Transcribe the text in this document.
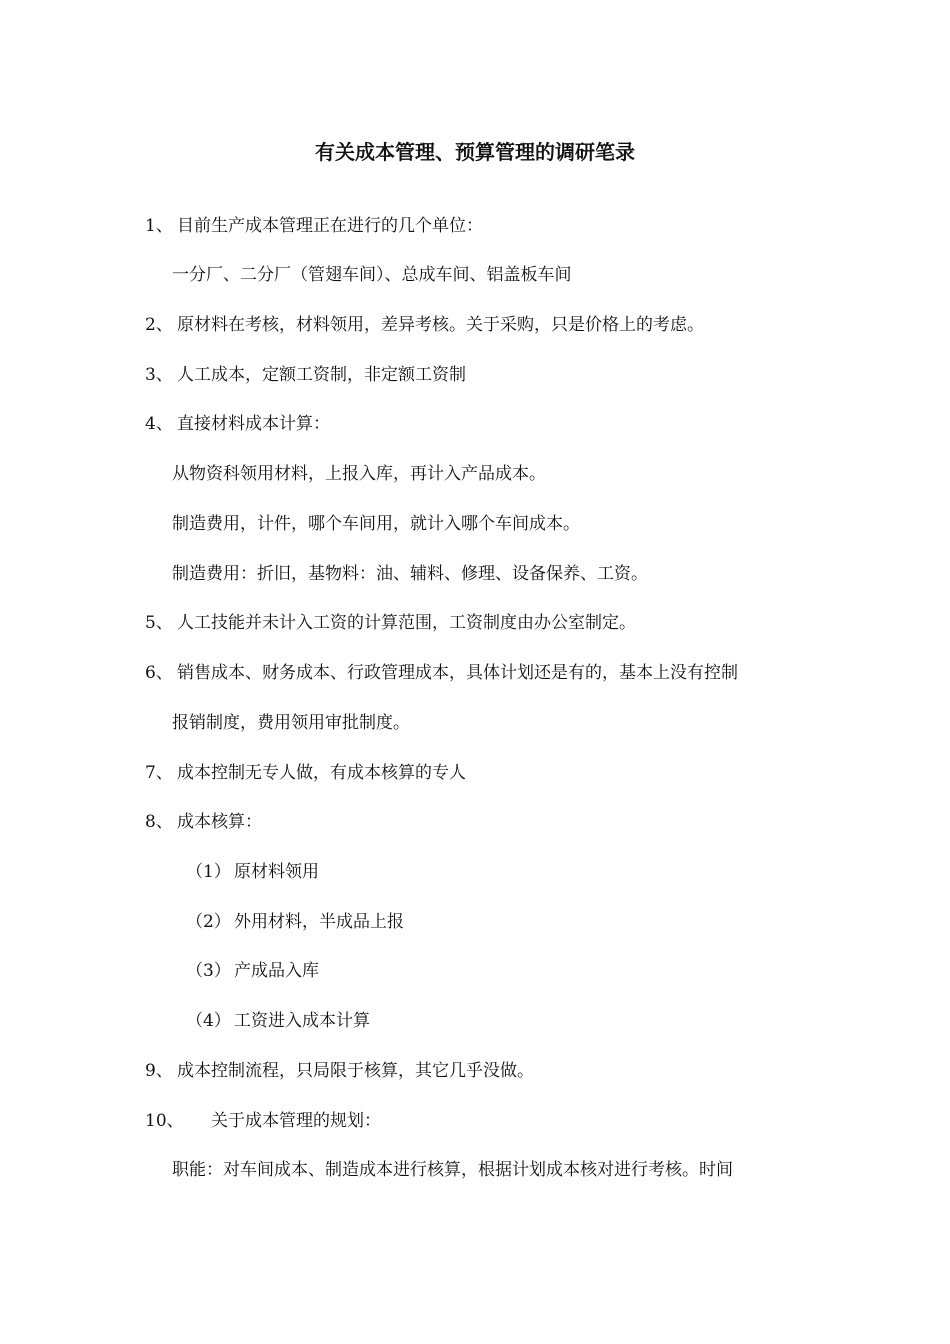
有关成本管理、预算管理的调研笔录
1、 目前生产成本管理正在进行的几个单位：
一分厂、二分厂（管翅车间）、总成车间、铝盖板车间
2、 原材料在考核，材料领用，差异考核。关于采购，只是价格上的考虑。
3、 人工成本，定额工资制，非定额工资制
4、 直接材料成本计算：
从物资科领用材料，上报入库，再计入产品成本。
制造费用，计件，哪个车间用，就计入哪个车间成本。
制造费用：折旧，基物料：油、辅料、修理、设备保养、工资。
5、 人工技能并未计入工资的计算范围，工资制度由办公室制定。
6、 销售成本、财务成本、行政管理成本，具体计划还是有的，基本上没有控制
报销制度，费用领用审批制度。
7、 成本控制无专人做，有成本核算的专人
8、 成本核算：
（1） 原材料领用
（2） 外用材料，半成品上报
（3） 产成品入库
（4） 工资进入成本计算
9、 成本控制流程，只局限于核算，其它几乎没做。
10、 关于成本管理的规划：
职能：对车间成本、制造成本进行核算，根据计划成本核对进行考核。时间
